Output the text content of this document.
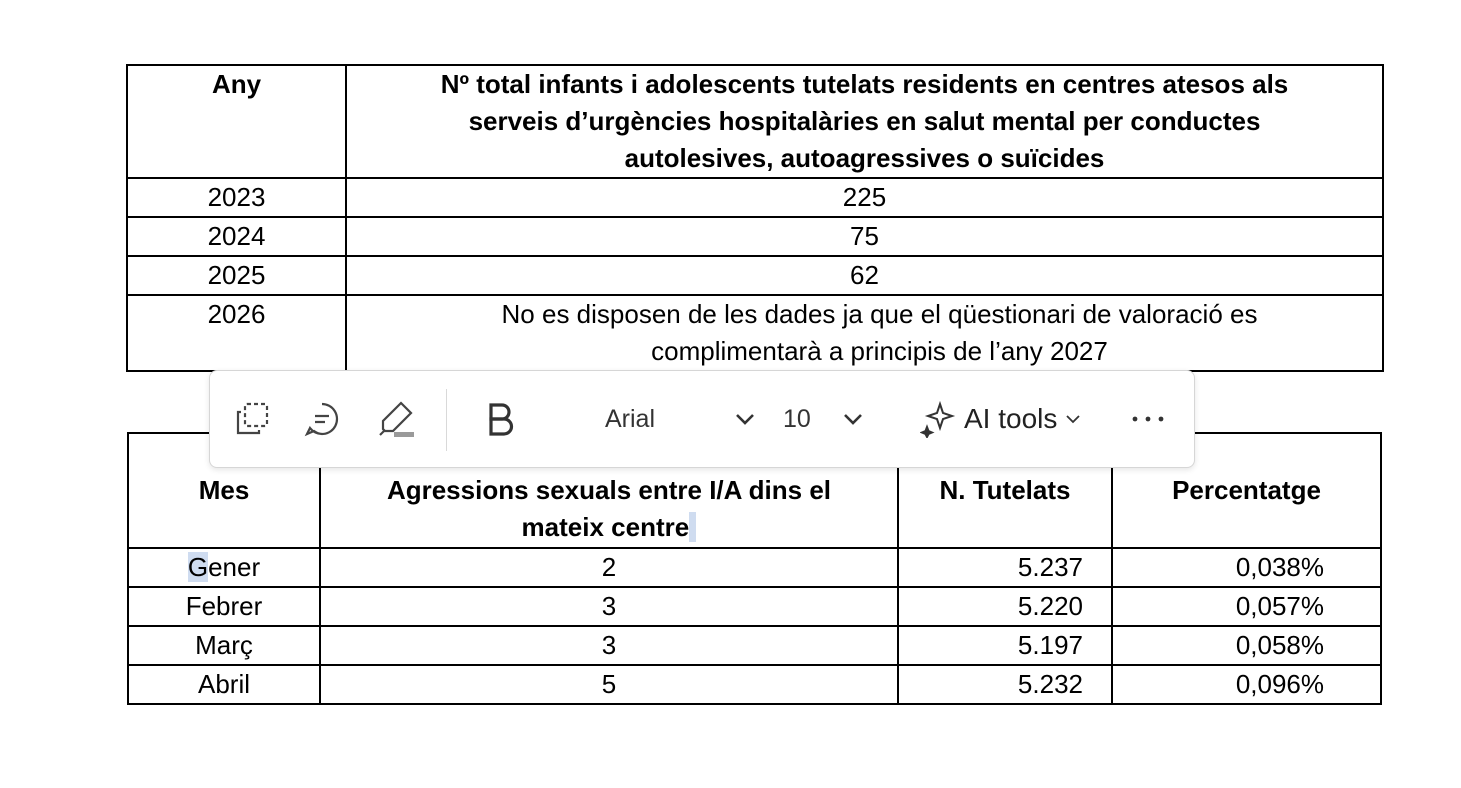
Any	Nº total infants i adolescents tutelats residents en centres atesos als serveis d’urgències hospitalàries en salut mental per conductes autolesives, autoagressives o suïcides
2023	225
2024	75
2025	62
2026	No es disposen de les dades ja que el qüestionari de valoració es complimentarà a principis de l’any 2027
Mes	Agressions sexuals entre I/A dins el mateix centre	N. Tutelats	Percentatge
Gener	2	5.237	0,038%
Febrer	3	5.220	0,057%
Març	3	5.197	0,058%
Abril	5	5.232	0,096%
Arial	10	AI tools
